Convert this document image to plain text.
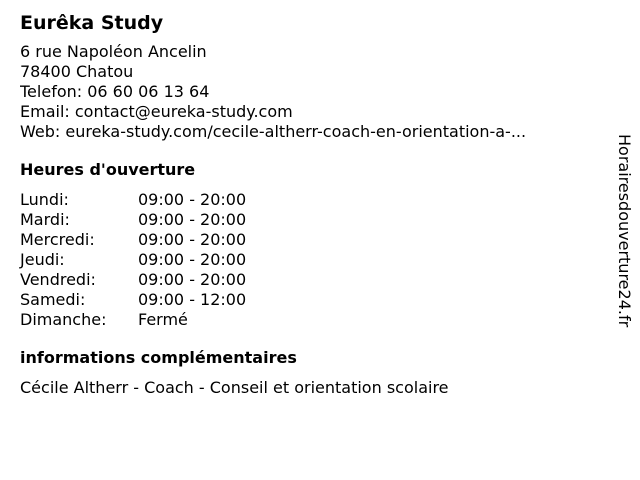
Eurêka Study
6 rue Napoléon Ancelin
78400 Chatou
Telefon: 06 60 06 13 64
Email: contact@eureka-study.com
Web: eureka-study.com/cecile-altherr-coach-en-orientation-a-...
Heures d'ouverture
Lundi:	09:00 - 20:00
Mardi:	09:00 - 20:00
Mercredi:	09:00 - 20:00
Jeudi:	09:00 - 20:00
Vendredi:	09:00 - 20:00
Samedi:	09:00 - 12:00
Dimanche:	Fermé
informations complémentaires
Cécile Altherr - Coach - Conseil et orientation scolaire
Horairesdouverture24.fr
